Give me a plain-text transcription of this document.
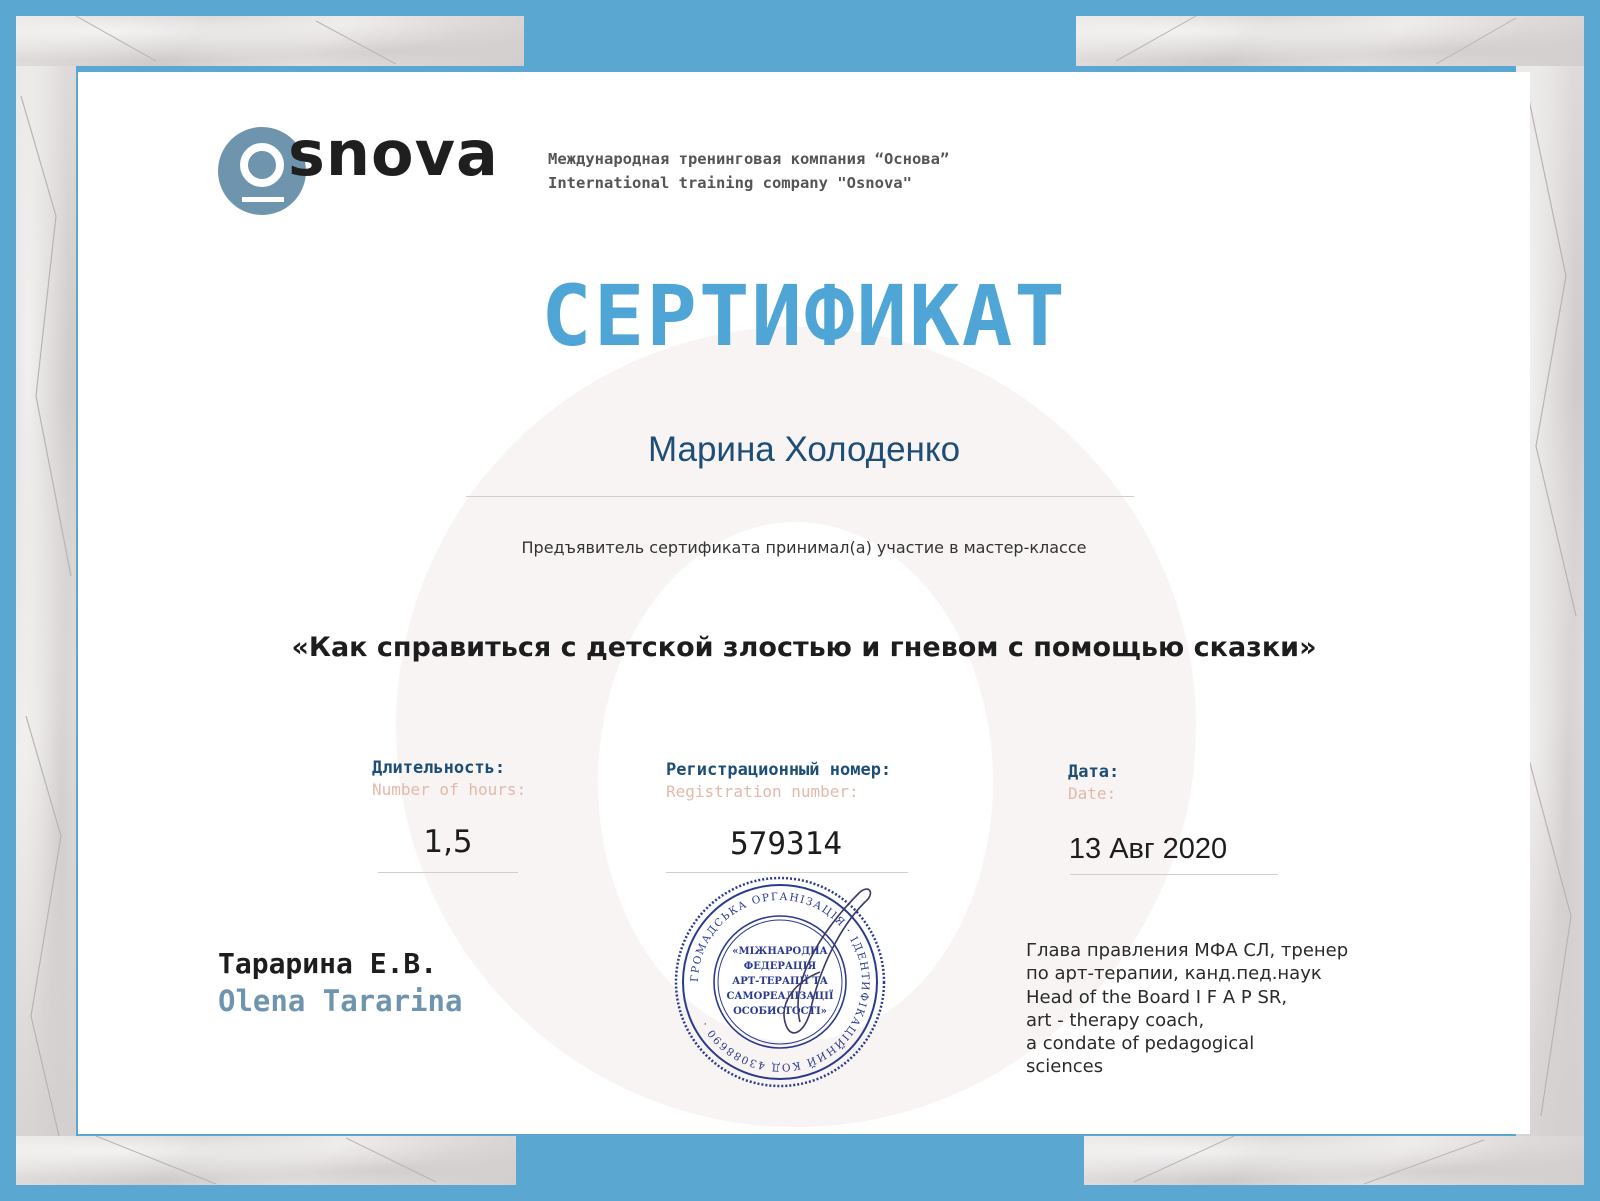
snova	Международная тренинговая компания “Основа”
International training company "Osnova"
СЕРТИФИКАТ
Марина Холоденко
Предъявитель сертификата принимал(а) участие в мастер-классе
«Как справиться с детской злостью и гневом с помощью сказки»
Длительность:
Number of hours:
1,5
Регистрационный номер:
Registration number:
579314
Дата:
Date:
13 Авг 2020
Тарарина Е.В.
Olena Tararina
ГРОМАДСЬКА ОРГАНІЗАЦІЯ · ІДЕНТИФІКАЦІЙНИЙ КОД 43088690 ·
«МІЖНАРОДНА
ФЕДЕРАЦІЯ
АРТ-ТЕРАПІЇ ТА
САМОРЕАЛІЗАЦІЇ
ОСОБИСТОСТІ»
Глава правления МФА СЛ, тренер
по арт-терапии, канд.пед.наук
Head of the Board I F A P SR,
art - therapy coach,
a condate of pedagogical
sciences
